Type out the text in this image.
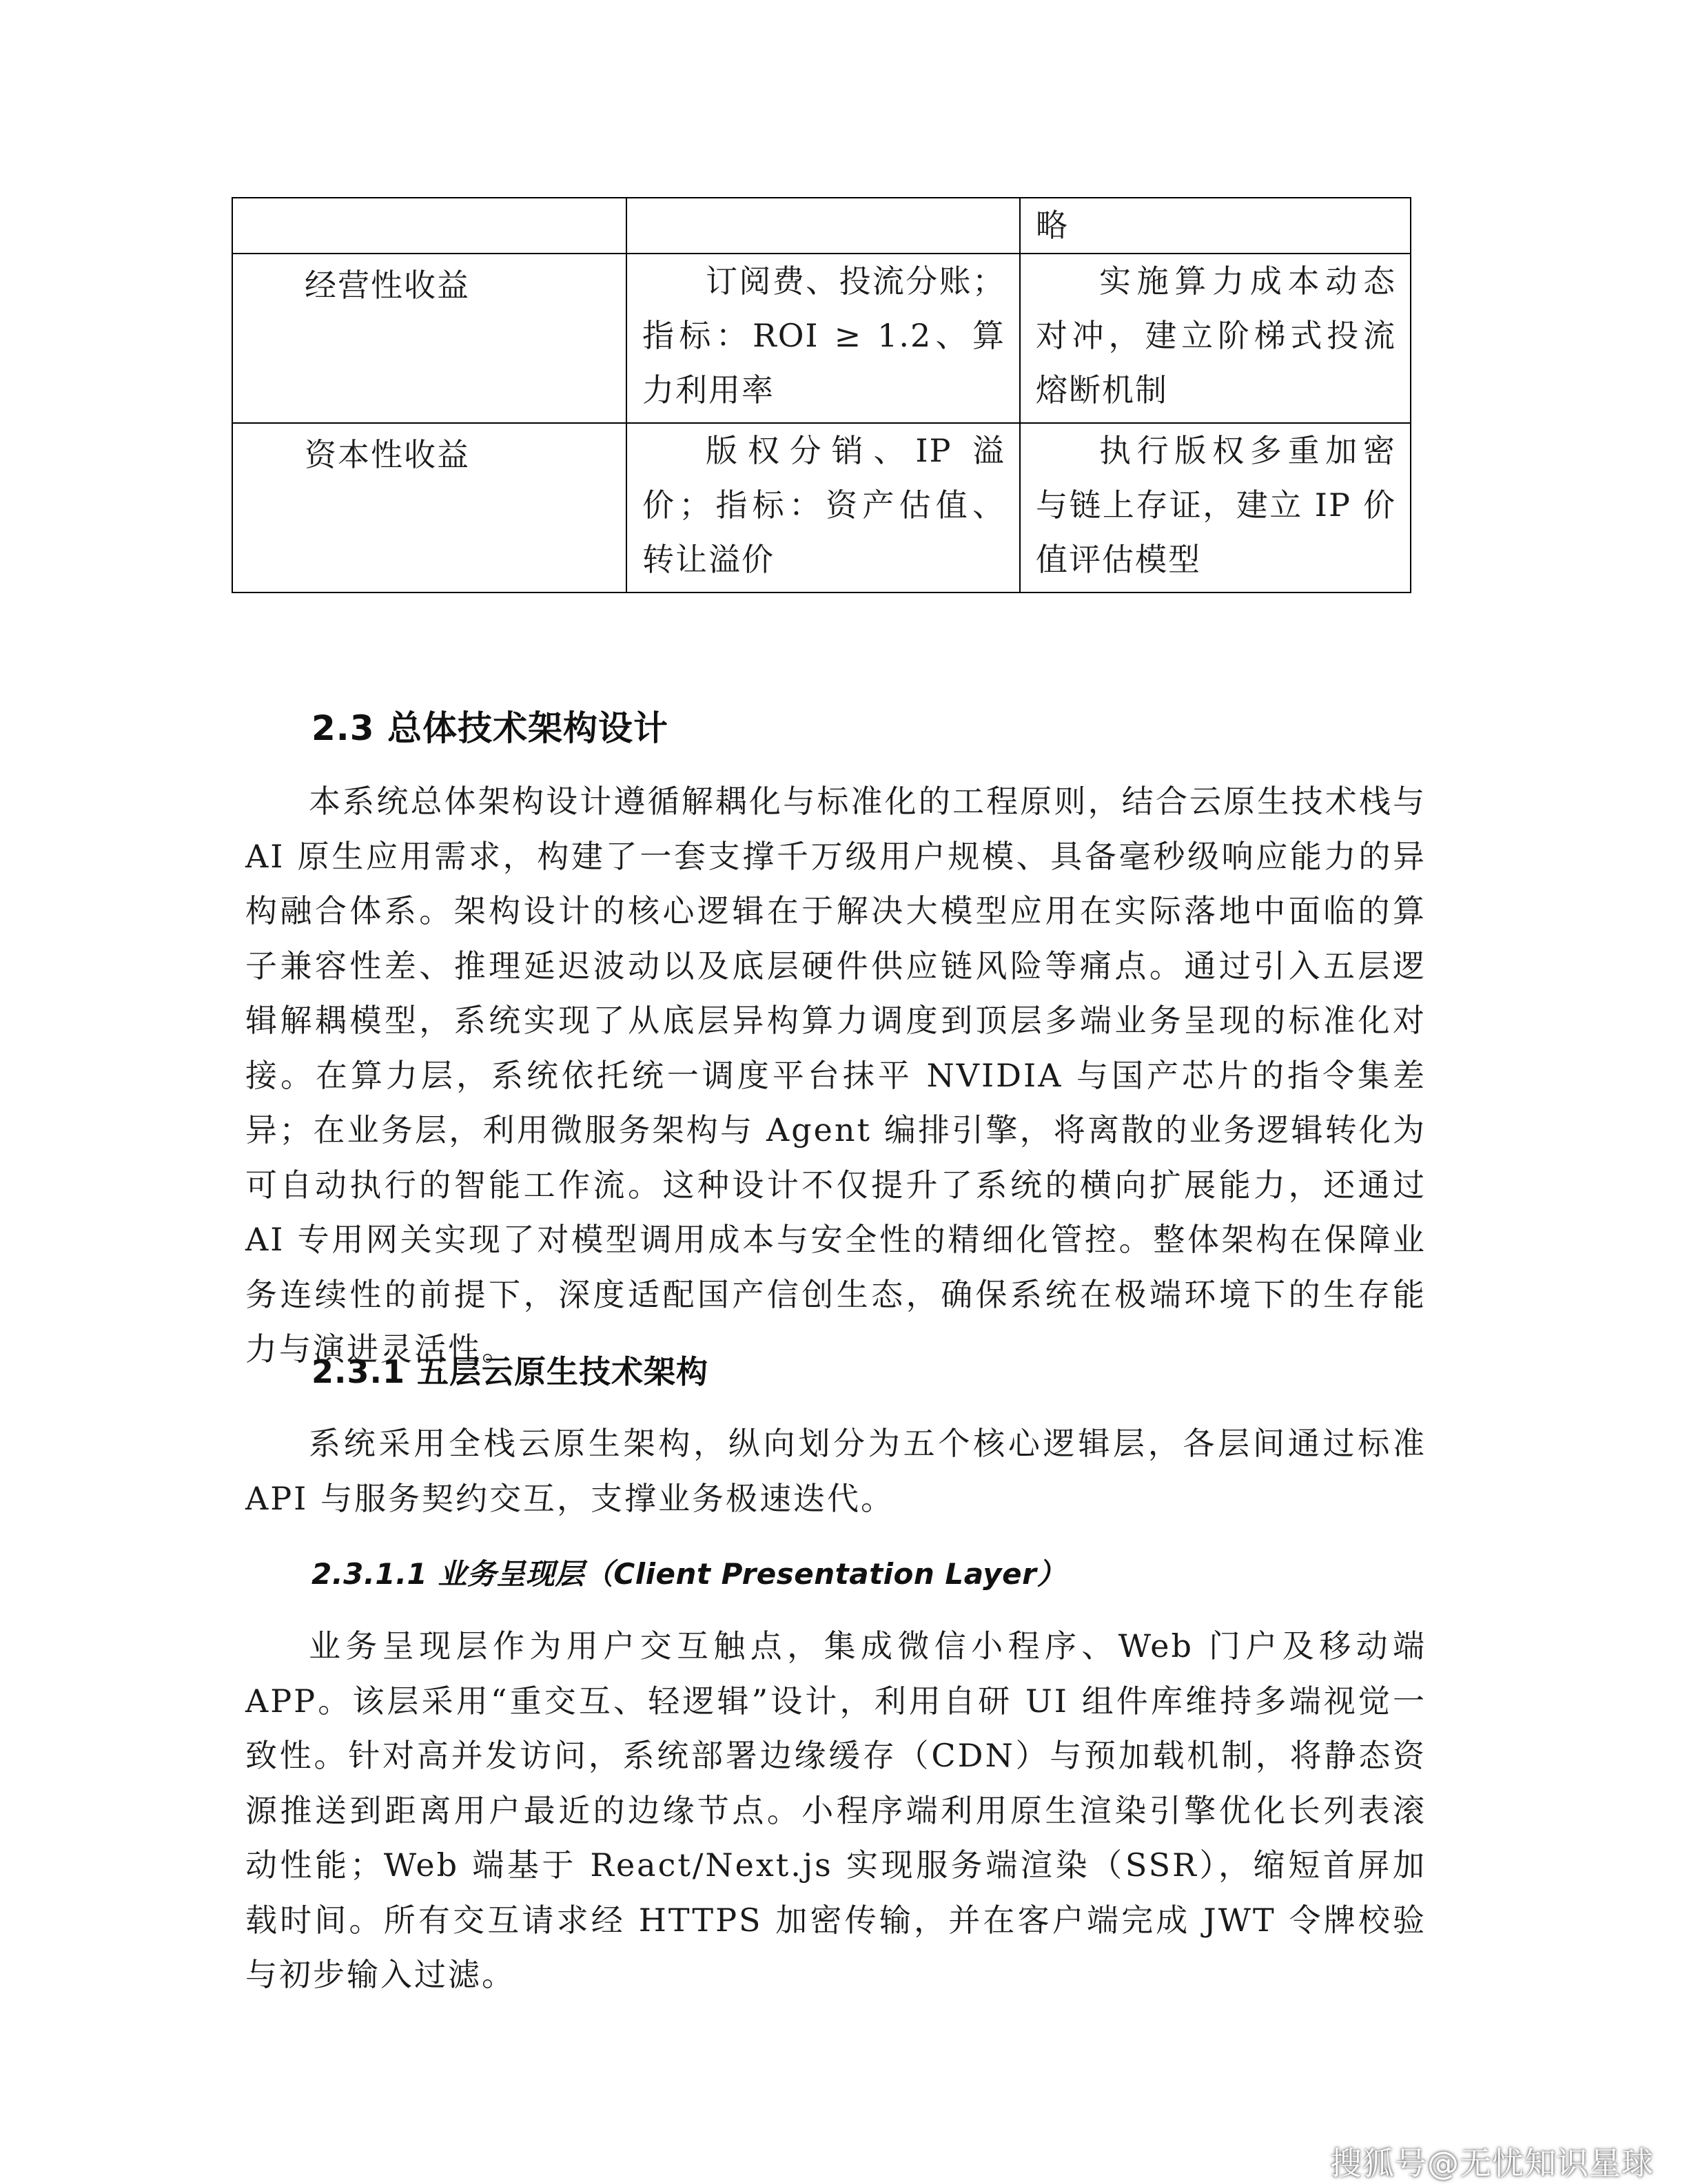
		略
经营性收益	订阅费、投流分账；指标：ROI ≥ 1.2、算力利用率	实施算力成本动态对冲，建立阶梯式投流熔断机制

资本性收益	版权分销、IP 溢价；指标：资产估值、转让溢价	执行版权多重加密与链上存证，建立 IP 价值评估模型
2.3 总体技术架构设计
本系统总体架构设计遵循解耦化与标准化的工程原则，结合云原生技术栈与 AI 原生应用需求，构建了一套支撑千万级用户规模、具备毫秒级响应能力的异构融合体系。架构设计的核心逻辑在于解决大模型应用在实际落地中面临的算子兼容性差、推理延迟波动以及底层硬件供应链风险等痛点。通过引入五层逻辑解耦模型，系统实现了从底层异构算力调度到顶层多端业务呈现的标准化对接。在算力层，系统依托统一调度平台抹平 NVIDIA 与国产芯片的指令集差异；在业务层，利用微服务架构与 Agent 编排引擎，将离散的业务逻辑转化为可自动执行的智能工作流。这种设计不仅提升了系统的横向扩展能力，还通过 AI 专用网关实现了对模型调用成本与安全性的精细化管控。整体架构在保障业务连续性的前提下，深度适配国产信创生态，确保系统在极端环境下的生存能力与演进灵活性。
2.3.1 五层云原生技术架构
系统采用全栈云原生架构，纵向划分为五个核心逻辑层，各层间通过标准 API 与服务契约交互，支撑业务极速迭代。
2.3.1.1 业务呈现层（Client Presentation Layer）
业务呈现层作为用户交互触点，集成微信小程序、Web 门户及移动端 APP。该层采用“重交互、轻逻辑”设计，利用自研 UI 组件库维持多端视觉一致性。针对高并发访问，系统部署边缘缓存（CDN）与预加载机制，将静态资源推送到距离用户最近的边缘节点。小程序端利用原生渲染引擎优化长列表滚动性能；Web 端基于 React/Next.js 实现服务端渲染（SSR），缩短首屏加载时间。所有交互请求经 HTTPS 加密传输，并在客户端完成 JWT 令牌校验与初步输入过滤。
搜狐号@无忧知识星球
